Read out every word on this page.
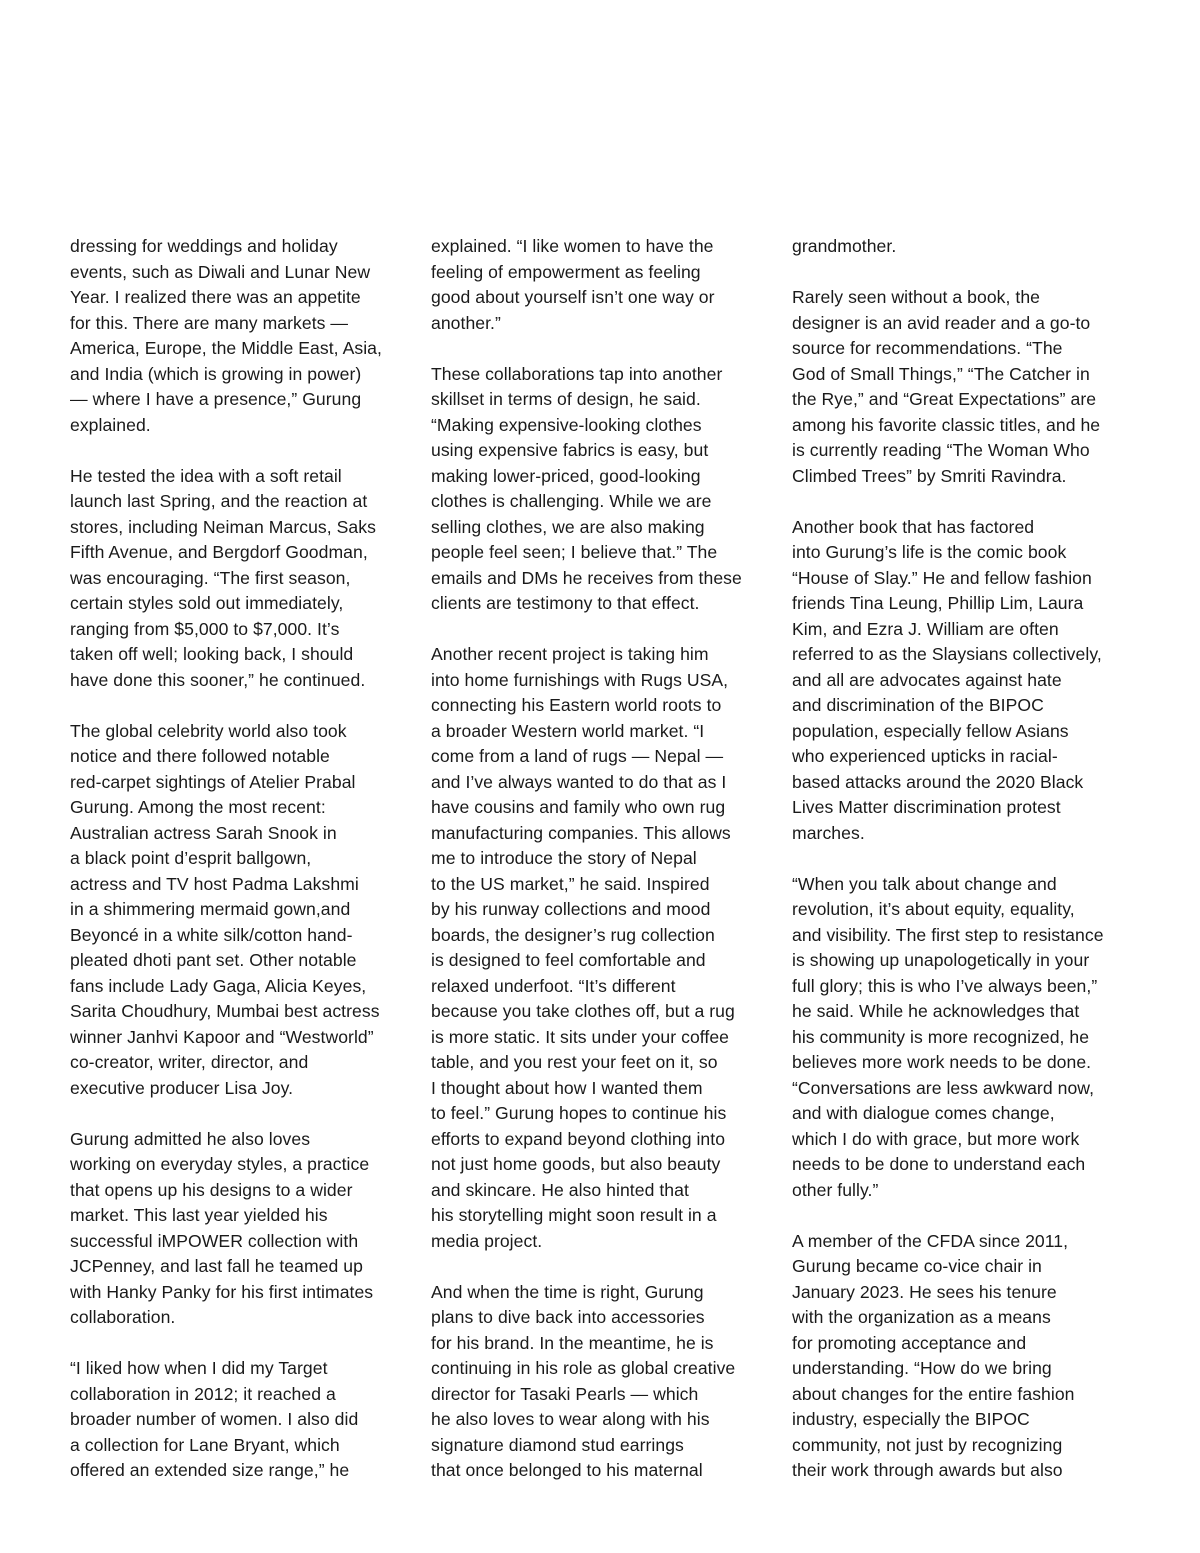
dressing for weddings and holiday
events, such as Diwali and Lunar New
Year. I realized there was an appetite
for this. There are many markets —
America, Europe, the Middle East, Asia,
and India (which is growing in power)
— where I have a presence,” Gurung
explained.

He tested the idea with a soft retail
launch last Spring, and the reaction at
stores, including Neiman Marcus, Saks
Fifth Avenue, and Bergdorf Goodman,
was encouraging. “The first season,
certain styles sold out immediately,
ranging from $5,000 to $7,000. It’s
taken off well; looking back, I should
have done this sooner,” he continued.

The global celebrity world also took
notice and there followed notable
red-carpet sightings of Atelier Prabal
Gurung. Among the most recent:
Australian actress Sarah Snook in
a black point d’esprit ballgown,
actress and TV host Padma Lakshmi
in a shimmering mermaid gown,and
Beyoncé in a white silk/cotton hand-
pleated dhoti pant set. Other notable
fans include Lady Gaga, Alicia Keyes,
Sarita Choudhury, Mumbai best actress
winner Janhvi Kapoor and “Westworld”
co-creator, writer, director, and
executive producer Lisa Joy.

Gurung admitted he also loves
working on everyday styles, a practice
that opens up his designs to a wider
market. This last year yielded his
successful iMPOWER collection with
JCPenney, and last fall he teamed up
with Hanky Panky for his first intimates
collaboration.

“I liked how when I did my Target
collaboration in 2012; it reached a
broader number of women. I also did
a collection for Lane Bryant, which
offered an extended size range,” he

explained. “I like women to have the
feeling of empowerment as feeling
good about yourself isn’t one way or
another.”

These collaborations tap into another
skillset in terms of design, he said.
“Making expensive-looking clothes
using expensive fabrics is easy, but
making lower-priced, good-looking
clothes is challenging. While we are
selling clothes, we are also making
people feel seen; I believe that.” The
emails and DMs he receives from these
clients are testimony to that effect.

Another recent project is taking him
into home furnishings with Rugs USA,
connecting his Eastern world roots to
a broader Western world market. “I
come from a land of rugs — Nepal —
and I’ve always wanted to do that as I
have cousins and family who own rug
manufacturing companies. This allows
me to introduce the story of Nepal
to the US market,” he said. Inspired
by his runway collections and mood
boards, the designer’s rug collection
is designed to feel comfortable and
relaxed underfoot. “It’s different
because you take clothes off, but a rug
is more static. It sits under your coffee
table, and you rest your feet on it, so
I thought about how I wanted them
to feel.” Gurung hopes to continue his
efforts to expand beyond clothing into
not just home goods, but also beauty
and skincare. He also hinted that
his storytelling might soon result in a
media project.

And when the time is right, Gurung
plans to dive back into accessories
for his brand. In the meantime, he is
continuing in his role as global creative
director for Tasaki Pearls — which
he also loves to wear along with his
signature diamond stud earrings
that once belonged to his maternal

grandmother.

Rarely seen without a book, the
designer is an avid reader and a go-to
source for recommendations. “The
God of Small Things,” “The Catcher in
the Rye,” and “Great Expectations” are
among his favorite classic titles, and he
is currently reading “The Woman Who
Climbed Trees” by Smriti Ravindra.

Another book that has factored
into Gurung’s life is the comic book
“House of Slay.” He and fellow fashion
friends Tina Leung, Phillip Lim, Laura
Kim, and Ezra J. William are often
referred to as the Slaysians collectively,
and all are advocates against hate
and discrimination of the BIPOC
population, especially fellow Asians
who experienced upticks in racial-
based attacks around the 2020 Black
Lives Matter discrimination protest
marches.

“When you talk about change and
revolution, it’s about equity, equality,
and visibility. The first step to resistance
is showing up unapologetically in your
full glory; this is who I’ve always been,”
he said. While he acknowledges that
his community is more recognized, he
believes more work needs to be done.
“Conversations are less awkward now,
and with dialogue comes change,
which I do with grace, but more work
needs to be done to understand each
other fully.”

A member of the CFDA since 2011,
Gurung became co-vice chair in
January 2023. He sees his tenure
with the organization as a means
for promoting acceptance and
understanding. “How do we bring
about changes for the entire fashion
industry, especially the BIPOC
community, not just by recognizing
their work through awards but also
